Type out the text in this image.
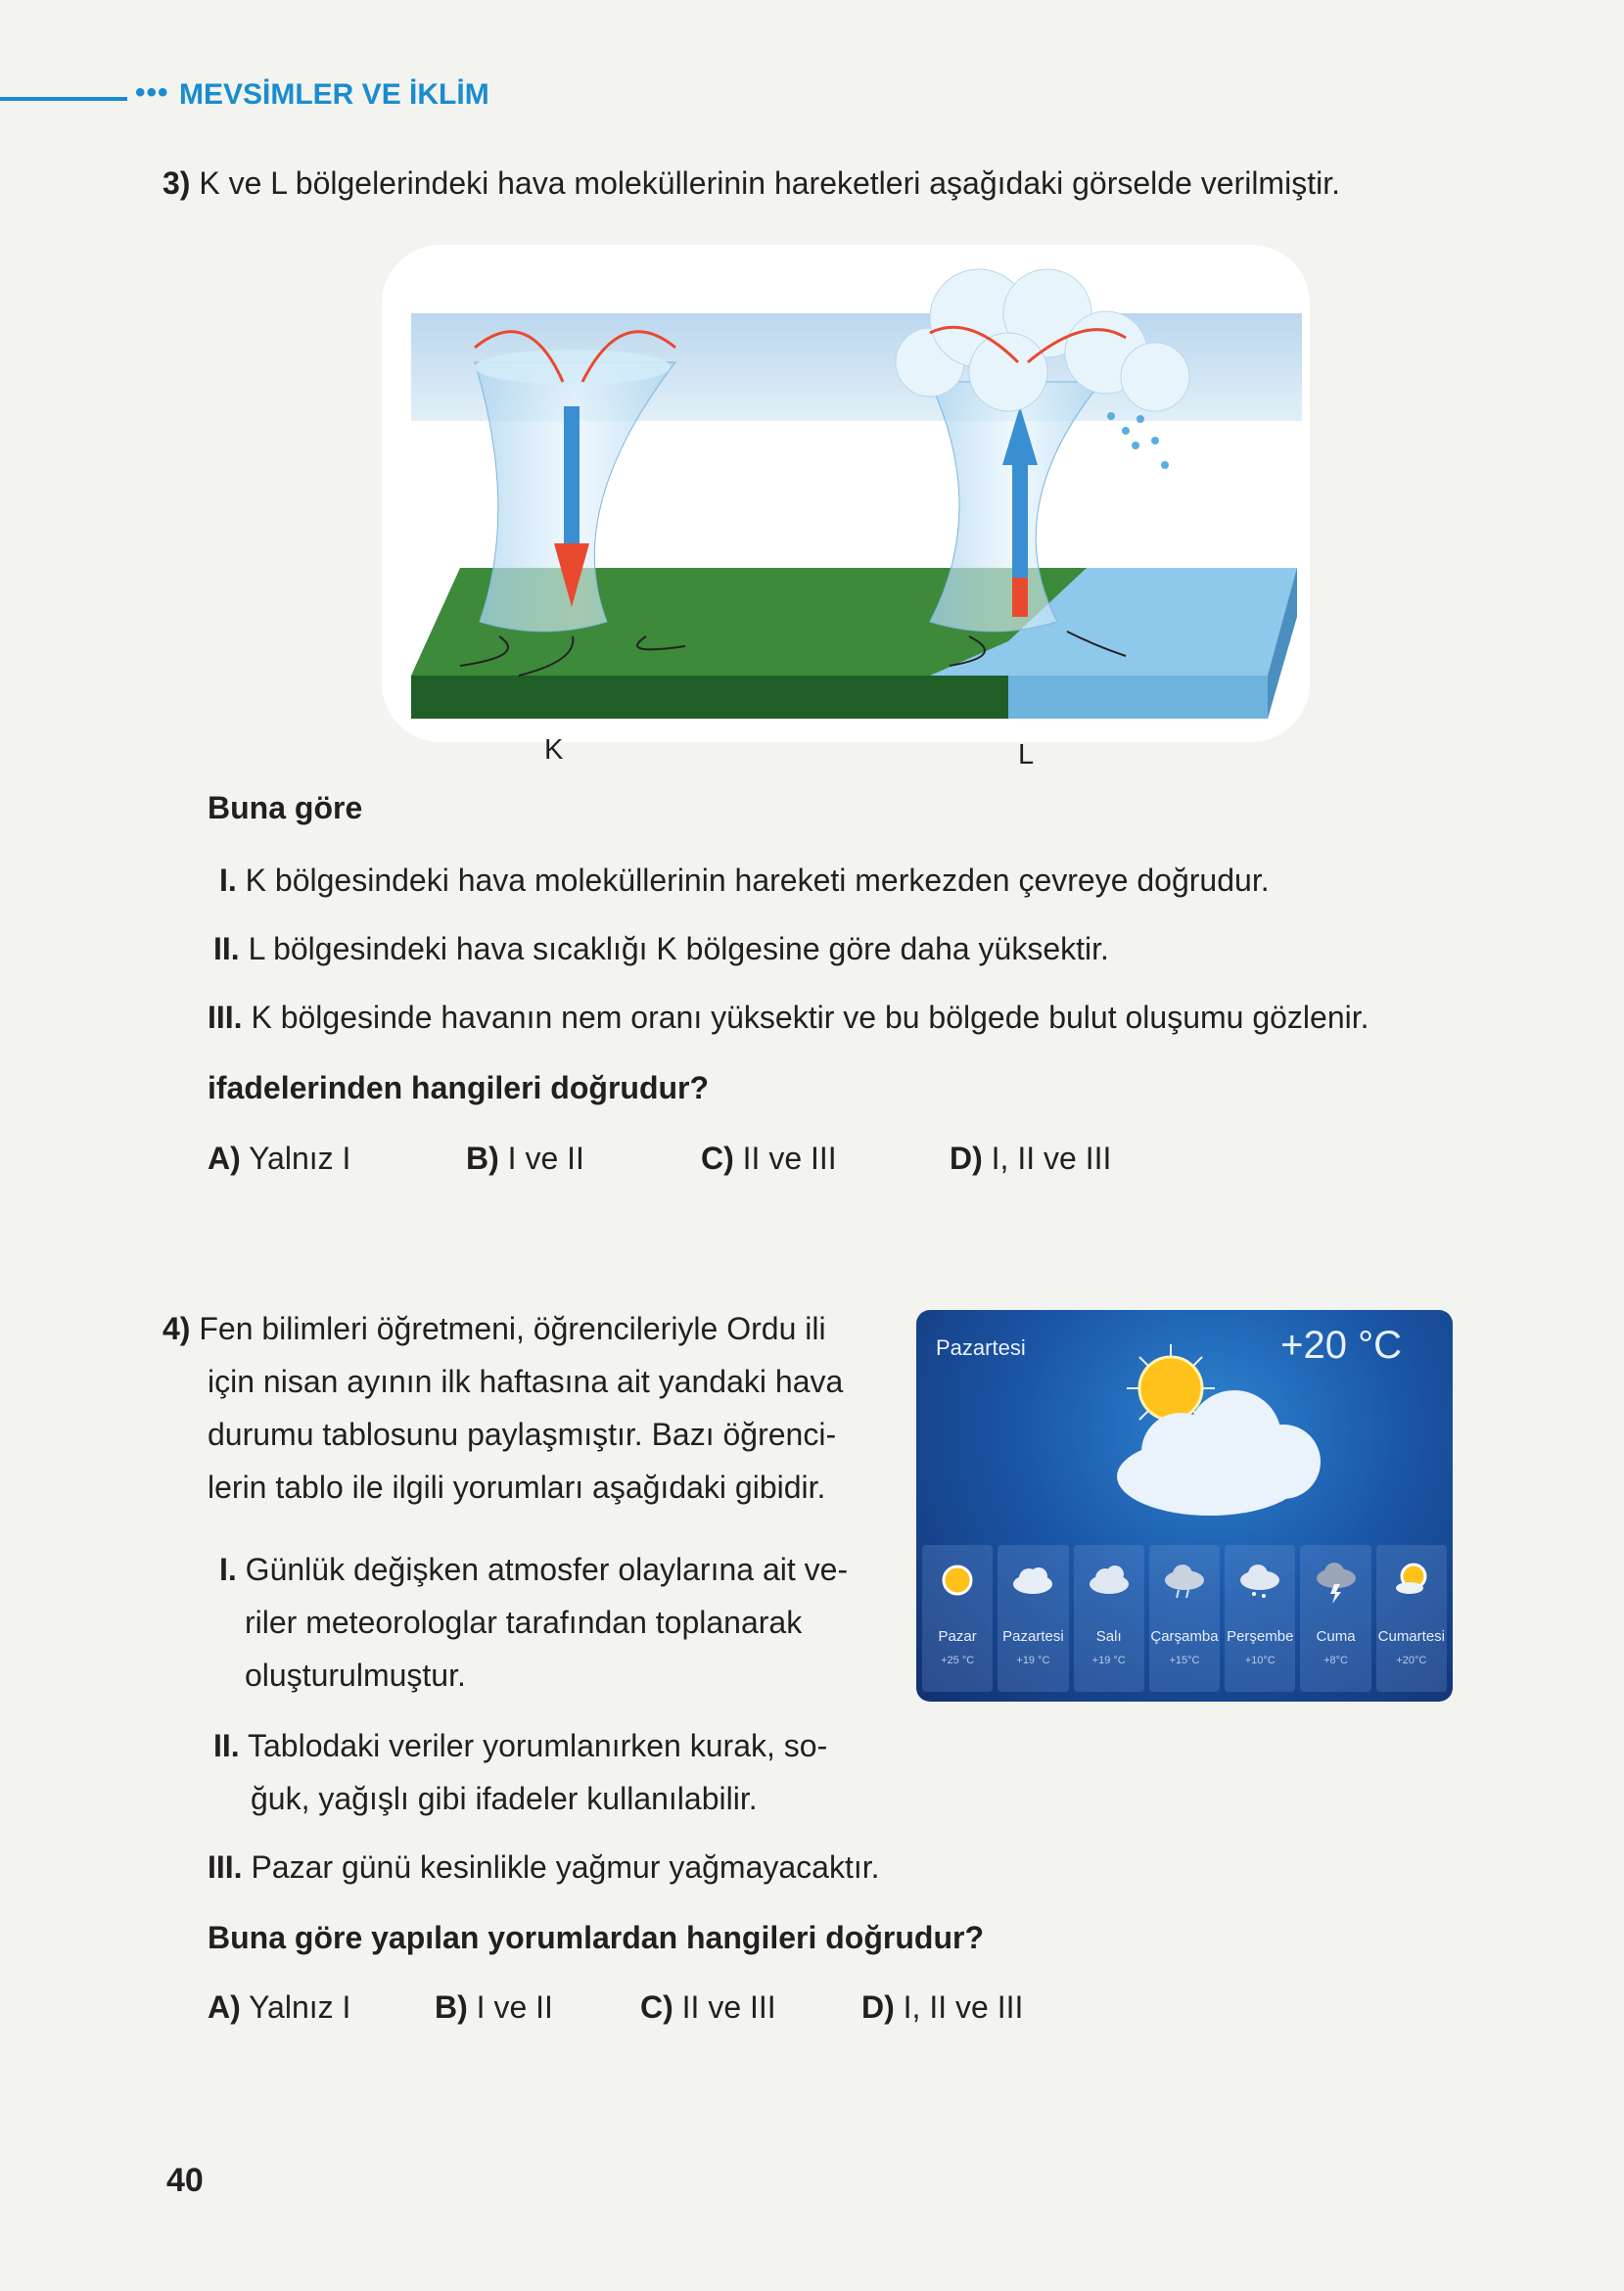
••• MEVSİMLER VE İKLİM
3) K ve L bölgelerindeki hava moleküllerinin hareketleri aşağıdaki görselde verilmiştir.
K	L
Buna göre
I. K bölgesindeki hava moleküllerinin hareketi merkezden çevreye doğrudur.
II. L bölgesindeki hava sıcaklığı K bölgesine göre daha yüksektir.
III. K bölgesinde havanın nem oranı yüksektir ve bu bölgede bulut oluşumu gözlenir.
ifadelerinden hangileri doğrudur?
A) Yalnız I	B) I ve II	C) II ve III	D) I, II ve III
4) Fen bilimleri öğretmeni, öğrencileriyle Ordu ili
için nisan ayının ilk haftasına ait yandaki hava
durumu tablosunu paylaşmıştır. Bazı öğrenci-
lerin tablo ile ilgili yorumları aşağıdaki gibidir.
I. Günlük değişken atmosfer olaylarına ait ve-
riler meteorologlar tarafından toplanarak
oluşturulmuştur.
II. Tablodaki veriler yorumlanırken kurak, so-
ğuk, yağışlı gibi ifadeler kullanılabilir.
III. Pazar günü kesinlikle yağmur yağmayacaktır.
Buna göre yapılan yorumlardan hangileri doğrudur?
A) Yalnız I	B) I ve II	C) II ve III	D) I, II ve III
Pazartesi	+20 °C
Pazar
+25 °C
Pazartesi
+19 °C
Salı
+19 °C
Çarşamba
+15°C
Perşembe
+10°C
Cuma
+8°C
Cumartesi
+20°C
40
